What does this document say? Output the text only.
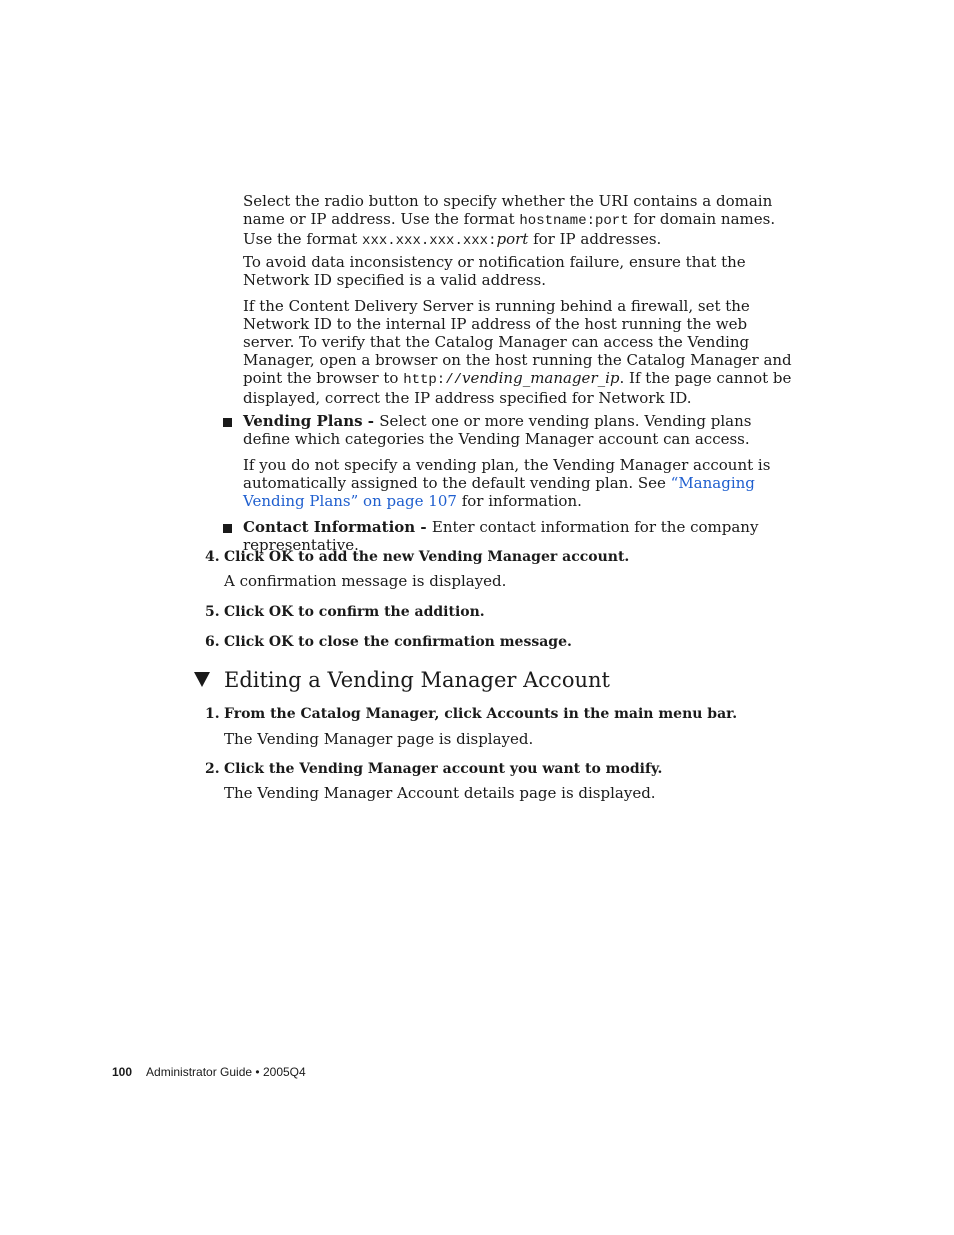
Select the radio button to specify whether the URI contains a domain name or IP address. Use the format hostname:port for domain names. Use the format xxx.xxx.xxx.xxx:port for IP addresses.

To avoid data inconsistency or notification failure, ensure that the Network ID specified is a valid address.

If the Content Delivery Server is running behind a firewall, set the Network ID to the internal IP address of the host running the web server. To verify that the Catalog Manager can access the Vending Manager, open a browser on the host running the Catalog Manager and point the browser to http://vending_manager_ip. If the page cannot be displayed, correct the IP address specified for Network ID.

Vending Plans - Select one or more vending plans. Vending plans define which categories the Vending Manager account can access.

If you do not specify a vending plan, the Vending Manager account is automatically assigned to the default vending plan. See “Managing Vending Plans” on page 107 for information.

Contact Information - Enter contact information for the company representative.

4. Click OK to add the new Vending Manager account.
A confirmation message is displayed.
5. Click OK to confirm the addition.
6. Click OK to close the confirmation message.
Editing a Vending Manager Account
1. From the Catalog Manager, click Accounts in the main menu bar.
The Vending Manager page is displayed.
2. Click the Vending Manager account you want to modify.
The Vending Manager Account details page is displayed.
100 Administrator Guide • 2005Q4
